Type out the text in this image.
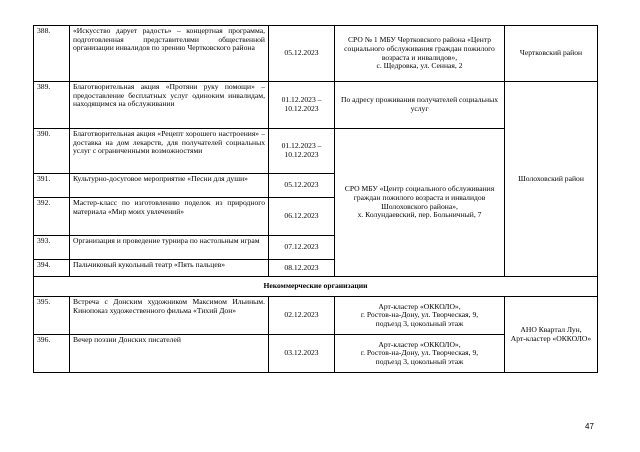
388.	«Искусство дарует радость» – концертная программа, подготовленная представителями общественной организации инвалидов по зрению Чертковского района	05.12.2023	СРО № 1 МБУ Чертковского района «Центр социального обслуживания граждан пожилого возраста и инвалидов»,
с. Щедровка, ул. Сенная, 2	Чертковский район
389.	Благотворительная акция «Протяни руку помощи» – предоставление бесплатных услуг одиноким инвалидам, находящимся на обслуживании	01.12.2023 – 10.12.2023	По адресу проживания получателей социальных услуг	Шолоховский район
390.	Благотворительная акция «Рецепт хорошего настроения» – доставка на дом лекарств, для получателей социальных услуг с ограниченными возможностями	01.12.2023 – 10.12.2023	СРО МБУ «Центр социального обслуживания граждан пожилого возраста и инвалидов Шолоховского района»,
х. Колундаевский, пер. Больничный, 7	

391.	Культурно-досуговое мероприятие «Песни для души»	05.12.2023		
392.	Мастер-класс по изготовлению поделок из природного материала «Мир моих увлечений»	06.12.2023		
393.	Организация и проведение турнира по настольным играм	07.12.2023		
394.	Пальчиковый кукольный театр «Пять пальцев»	08.12.2023		
Некоммерческие организации				
395.	Встреча с Донским художником Максимом Ильиным. Кинопоказ художественного фильма «Тихий Дон»	02.12.2023	Арт-кластер «ОККОЛО»,
г. Ростов-на-Дону, ул. Творческая, 9,
подъезд 3, цокольный этаж	АНО Квартал Лун,
Арт-кластер «ОККОЛО»

396.	Вечер поэзии Донских писателей	03.12.2023	Арт-кластер «ОККОЛО»,
г. Ростов-на-Дону, ул. Творческая, 9,
подъезд 3, цокольный этаж	
47
